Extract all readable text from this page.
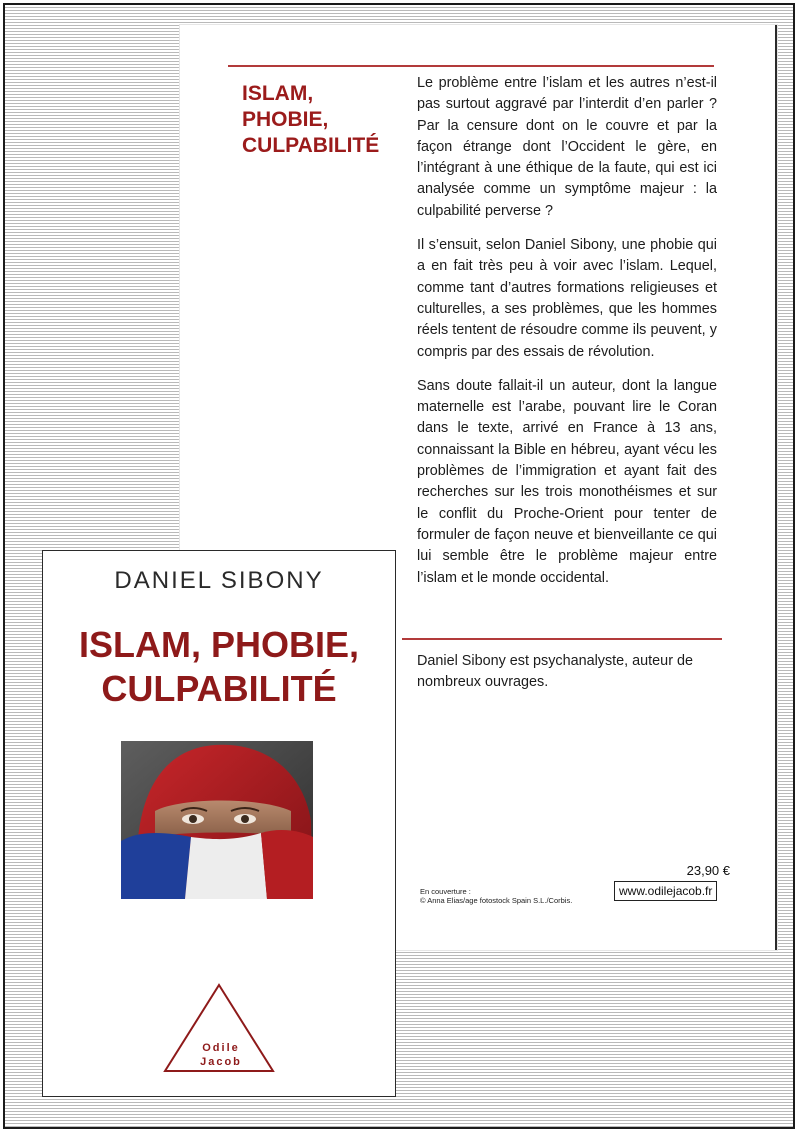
ISLAM,
PHOBIE,
CULPABILITÉ

Le problème entre l’islam et les autres n’est-il pas surtout aggravé par l’interdit d’en parler ? Par la censure dont on le couvre et par la façon étrange dont l’Occident le gère, en l’intégrant à une éthique de la faute, qui est ici analysée comme un symptôme majeur : la culpabilité perverse ?

Il s’ensuit, selon Daniel Sibony, une phobie qui a en fait très peu à voir avec l’islam. Lequel, comme tant d’autres formations religieuses et culturelles, a ses problèmes, que les hommes réels tentent de résoudre comme ils peuvent, y compris par des essais de révolution.

Sans doute fallait-il un auteur, dont la langue maternelle est l’arabe, pouvant lire le Coran dans le texte, arrivé en France à 13 ans, connaissant la Bible en hébreu, ayant vécu les problèmes de l’immigration et ayant fait des recherches sur les trois monothéismes et sur le conflit du Proche-Orient pour tenter de formuler de façon neuve et bienveillante ce qui lui semble être le problème majeur entre l’islam et le monde occidental.

Daniel Sibony est psychanalyste, auteur de nombreux ouvrages.
En couverture :
© Anna Elias/age fotostock Spain S.L./Corbis.
23,90 €
www.odilejacob.fr
DANIEL SIBONY
ISLAM, PHOBIE,
CULPABILITÉ
Odile
Jacob
